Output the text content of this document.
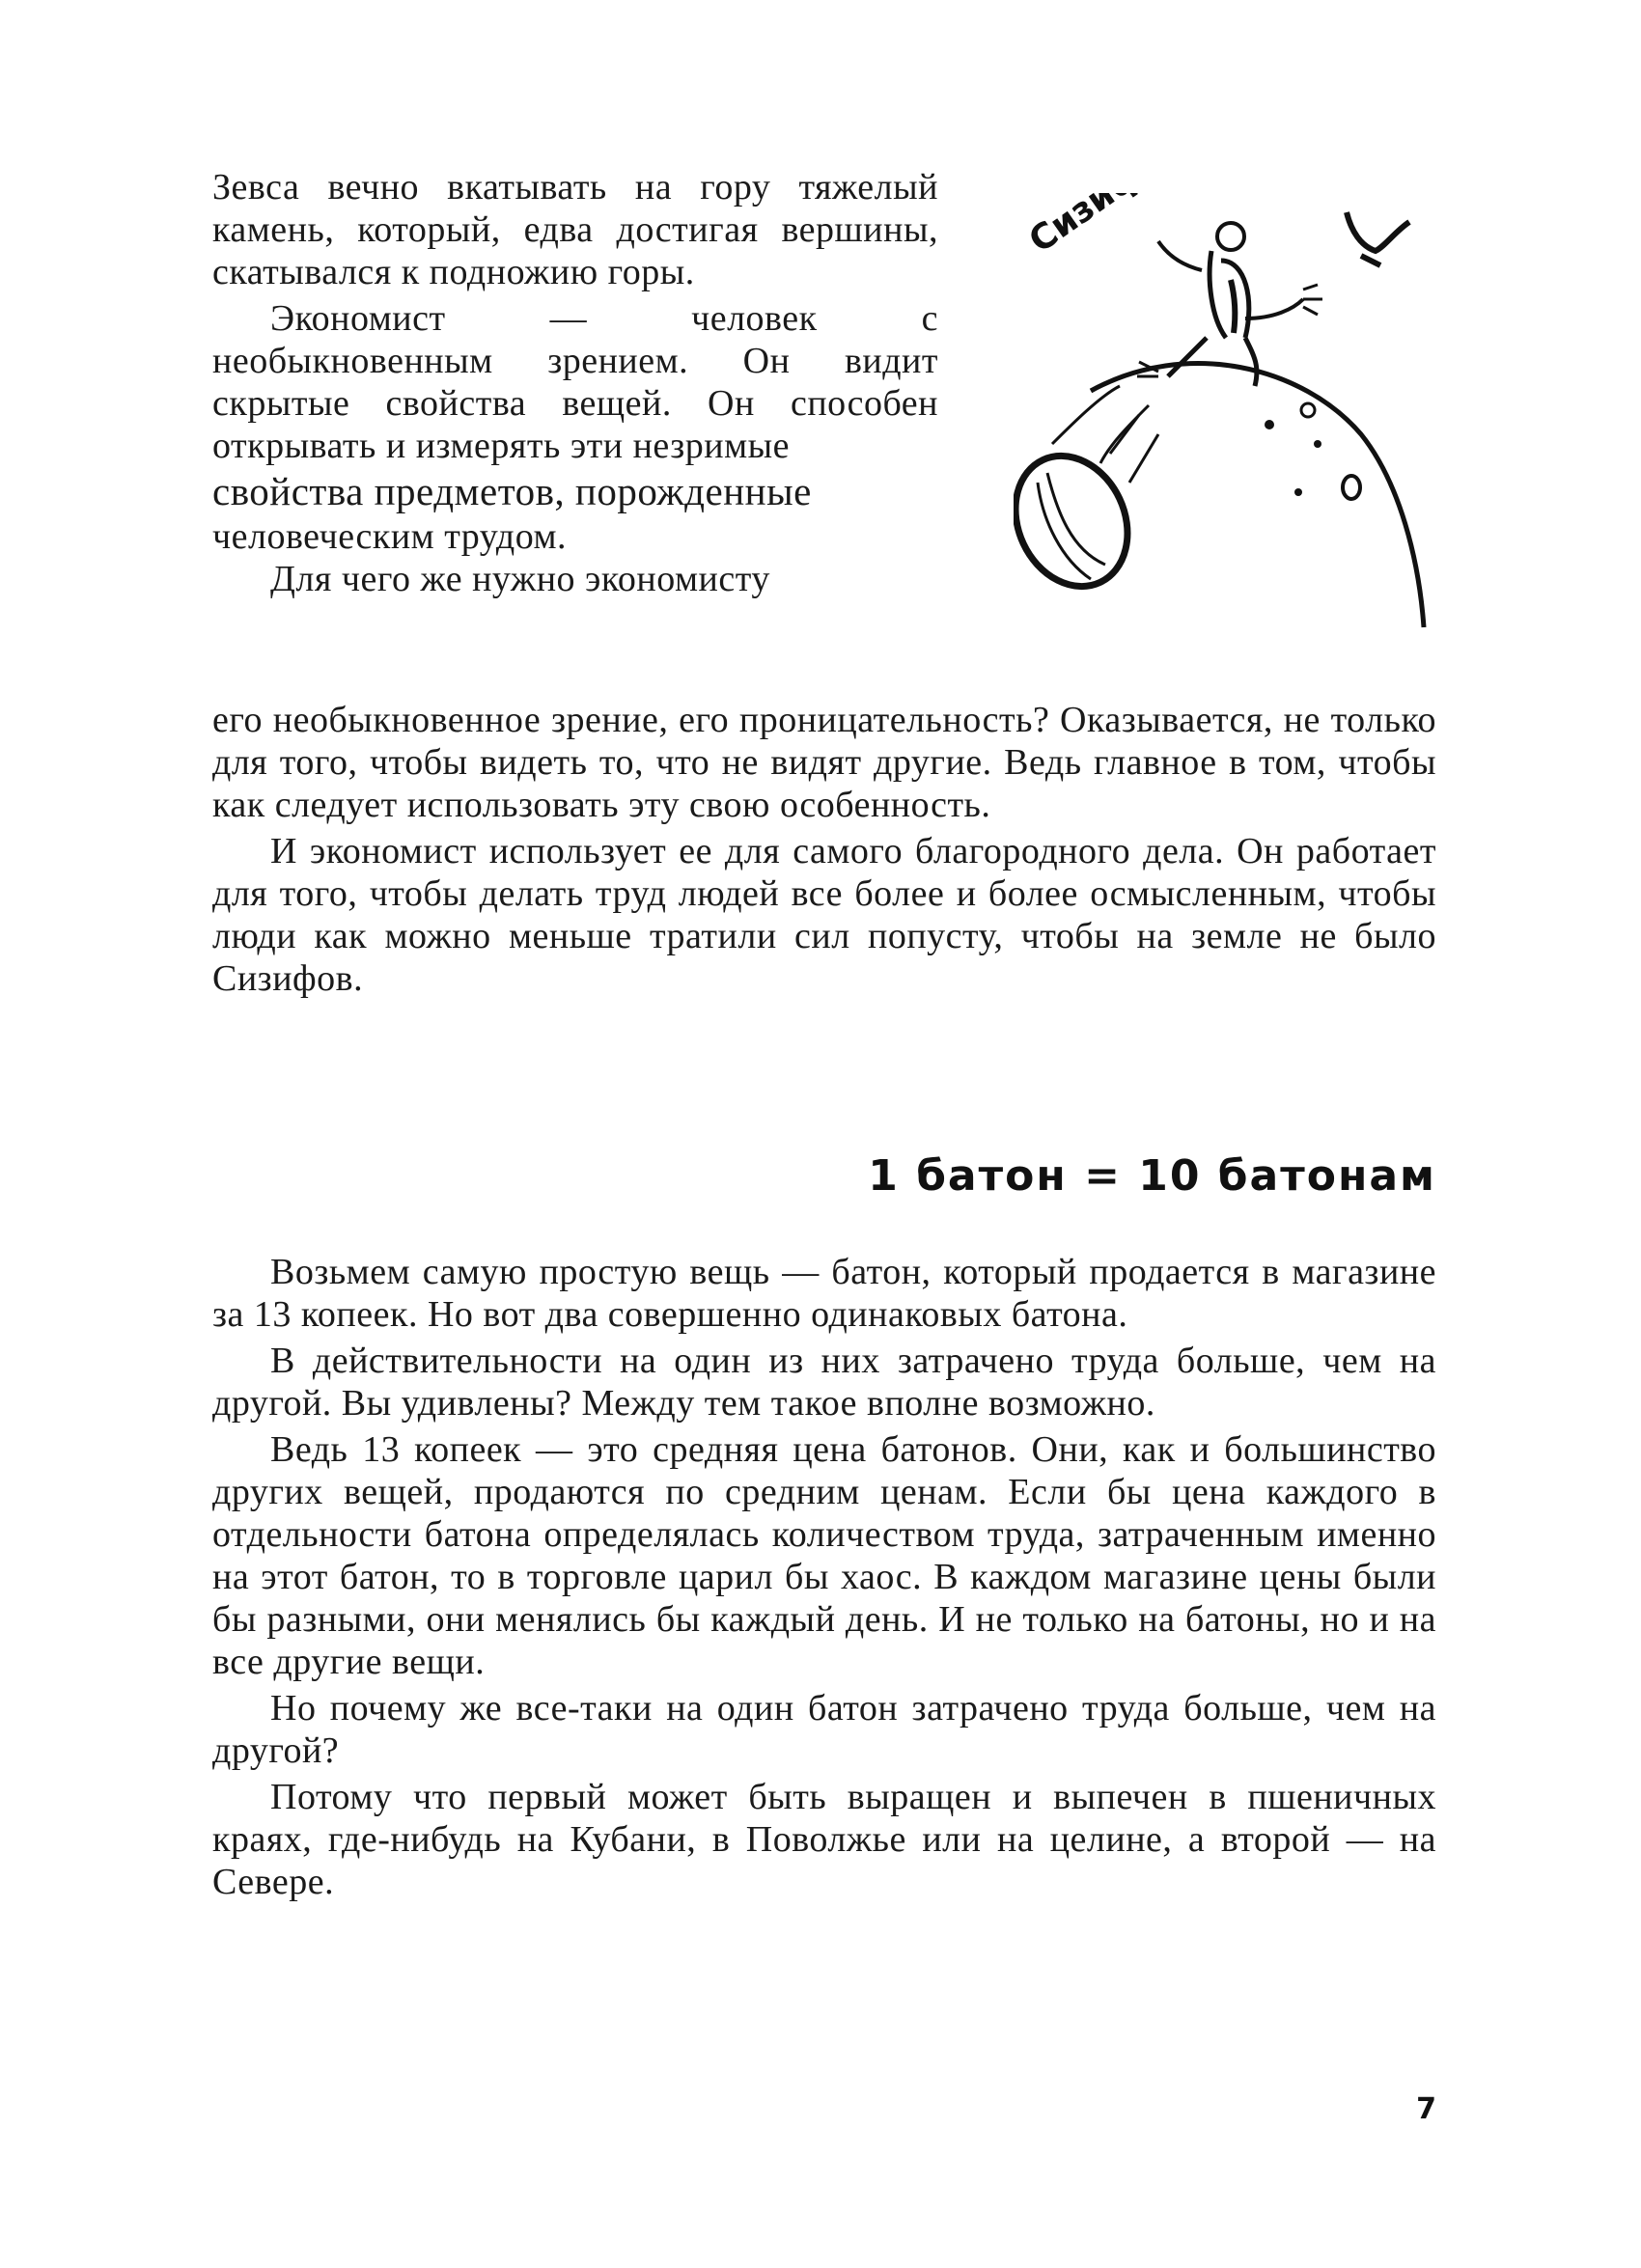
Зевса вечно вкатывать на гору тяжелый камень, который, едва достигая вершины, скатывался к подножию горы.

Экономист — человек с необыкновенным зрением. Он видит скрытые свойства вещей. Он способен открывать и измерять эти незримые
свойства предметов, порожденные
человеческим трудом.

Для чего же нужно экономисту

его необыкновенное зрение, его проницательность? Оказывается, не только для того, чтобы видеть то, что не видят другие. Ведь главное в том, чтобы как следует использовать эту свою особенность.

И экономист использует ее для самого благородного дела. Он работает для того, чтобы делать труд людей все более и более осмысленным, чтобы люди как можно меньше тратили сил попусту, чтобы на земле не было Сизифов.

Сизиф
1 батон = 10 батонам

Возьмем самую простую вещь — батон, который продается в магазине за 13 копеек. Но вот два совершенно одинаковых батона.

В действительности на один из них затрачено труда больше, чем на другой. Вы удивлены? Между тем такое вполне возможно.

Ведь 13 копеек — это средняя цена батонов. Они, как и большинство других вещей, продаются по средним ценам. Если бы цена каждого в отдельности батона определялась количеством труда, затраченным именно на этот батон, то в торговле царил бы хаос. В каждом магазине цены были бы разными, они менялись бы каждый день. И не только на батоны, но и на все другие вещи.

Но почему же все-таки на один батон затрачено труда больше, чем на другой?

Потому что первый может быть выращен и выпечен в пшеничных краях, где-нибудь на Кубани, в Поволжье или на целине, а второй — на Севере.

7
